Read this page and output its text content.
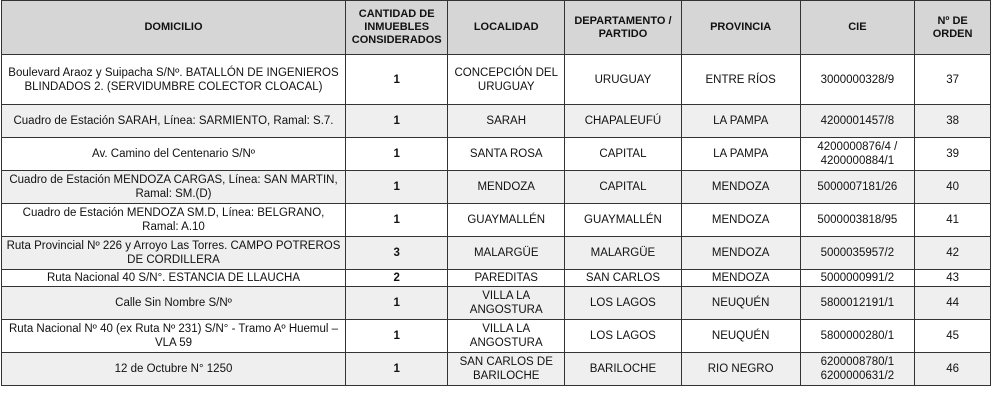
DOMICILIO	CANTIDAD DE INMUEBLES CONSIDERADOS	LOCALIDAD	DEPARTAMENTO / PARTIDO	PROVINCIA	CIE	Nº DE ORDEN
Boulevard Araoz y Suipacha S/Nº. BATALLÓN DE INGENIEROS BLINDADOS 2. (SERVIDUMBRE COLECTOR CLOACAL)	1	CONCEPCIÓN DEL URUGUAY	URUGUAY	ENTRE RÍOS	3000000328/9	37
Cuadro de Estación SARAH, Línea: SARMIENTO, Ramal: S.7.	1	SARAH	CHAPALEUFÚ	LA PAMPA	4200001457/8	38
Av. Camino del Centenario S/Nº	1	SANTA ROSA	CAPITAL	LA PAMPA	4200000876/4 / 4200000884/1	39
Cuadro de Estación MENDOZA CARGAS, Línea: SAN MARTIN, Ramal: SM.(D)	1	MENDOZA	CAPITAL	MENDOZA	5000007181/26	40
Cuadro de Estación MENDOZA SM.D, Línea: BELGRANO, Ramal: A.10	1	GUAYMALLÉN	GUAYMALLÉN	MENDOZA	5000003818/95	41
Ruta Provincial Nº 226 y Arroyo Las Torres. CAMPO POTREROS DE CORDILLERA	3	MALARGÜE	MALARGÜE	MENDOZA	5000035957/2	42
Ruta Nacional 40 S/N°. ESTANCIA DE LLAUCHA	2	PAREDITAS	SAN CARLOS	MENDOZA	5000000991/2	43
Calle Sin Nombre S/Nº	1	VILLA LA ANGOSTURA	LOS LAGOS	NEUQUÉN	5800012191/1	44
Ruta Nacional Nº 40 (ex Ruta Nº 231) S/N° - Tramo Aº Huemul – VLA 59	1	VILLA LA ANGOSTURA	LOS LAGOS	NEUQUÉN	5800000280/1	45
12 de Octubre N° 1250	1	SAN CARLOS DE BARILOCHE	BARILOCHE	RIO NEGRO	6200008780/1 6200000631/2	46
